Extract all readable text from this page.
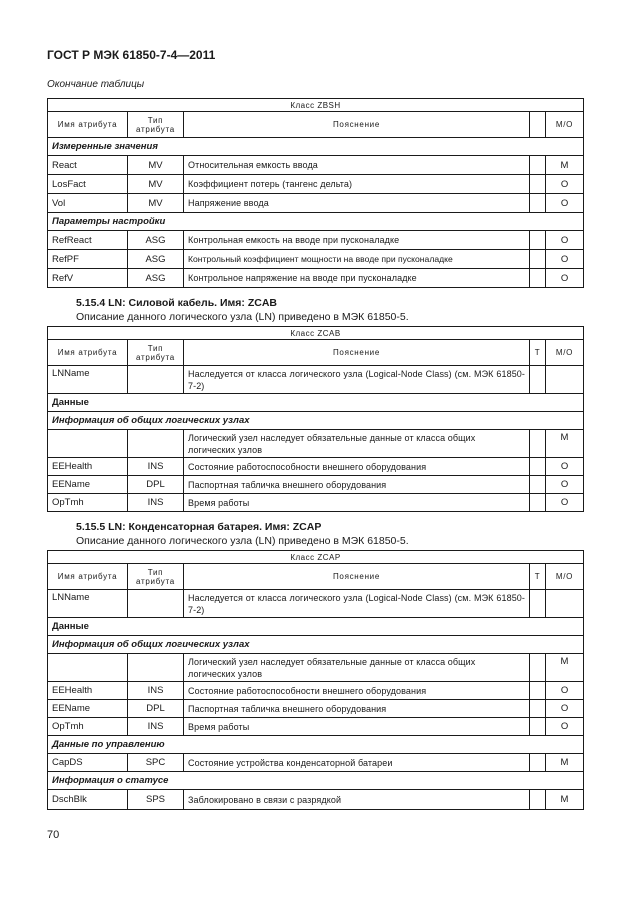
ГОСТ Р МЭК 61850-7-4—2011
Окончание таблицы
Класс ZBSH				
Имя атрибута	Тип атрибута	Пояснение		М/О
Измеренные значения				
React	MV	Относительная емкость ввода		М
LosFact	MV	Коэффициент потерь (тангенс дельта)		О
Vol	MV	Напряжение ввода		О
Параметры настройки				
RefReact	ASG	Контрольная емкость на вводе при пусконаладке		О
RefPF	ASG	Контрольный коэффициент мощности на вводе при пусконаладке		О
RefV	ASG	Контрольное напряжение на вводе при пусконаладке		О
5.15.4 LN: Силовой кабель. Имя: ZCAB
Описание данного логического узла (LN) приведено в МЭК 61850-5.
Класс ZCAB				
Имя атрибута	Тип атрибута	Пояснение	Т	М/О
LNName		Наследуется от класса логического узла (Logical-Node Class) (см. МЭК 61850-7-2)		
Данные				
Информация об общих логических узлах				
		Логический узел наследует обязательные данные от класса общих логических узлов		М
EEHealth	INS	Состояние работоспособности внешнего оборудования		О
EEName	DPL	Паспортная табличка внешнего оборудования		О
OpTmh	INS	Время работы		О
5.15.5 LN: Конденсаторная батарея. Имя: ZCAP
Описание данного логического узла (LN) приведено в МЭК 61850-5.
Класс ZCAP				
Имя атрибута	Тип атрибута	Пояснение	Т	М/О
LNName		Наследуется от класса логического узла (Logical-Node Class) (см. МЭК 61850-7-2)		
Данные				
Информация об общих логических узлах				
		Логический узел наследует обязательные данные от класса общих логических узлов		М
EEHealth	INS	Состояние работоспособности внешнего оборудования		О
EEName	DPL	Паспортная табличка внешнего оборудования		О
OpTmh	INS	Время работы		О
Данные по управлению				
CapDS	SPC	Состояние устройства конденсаторной батареи		М
Информация о статусе				
DschBlk	SPS	Заблокировано в связи с разрядкой		М
70
